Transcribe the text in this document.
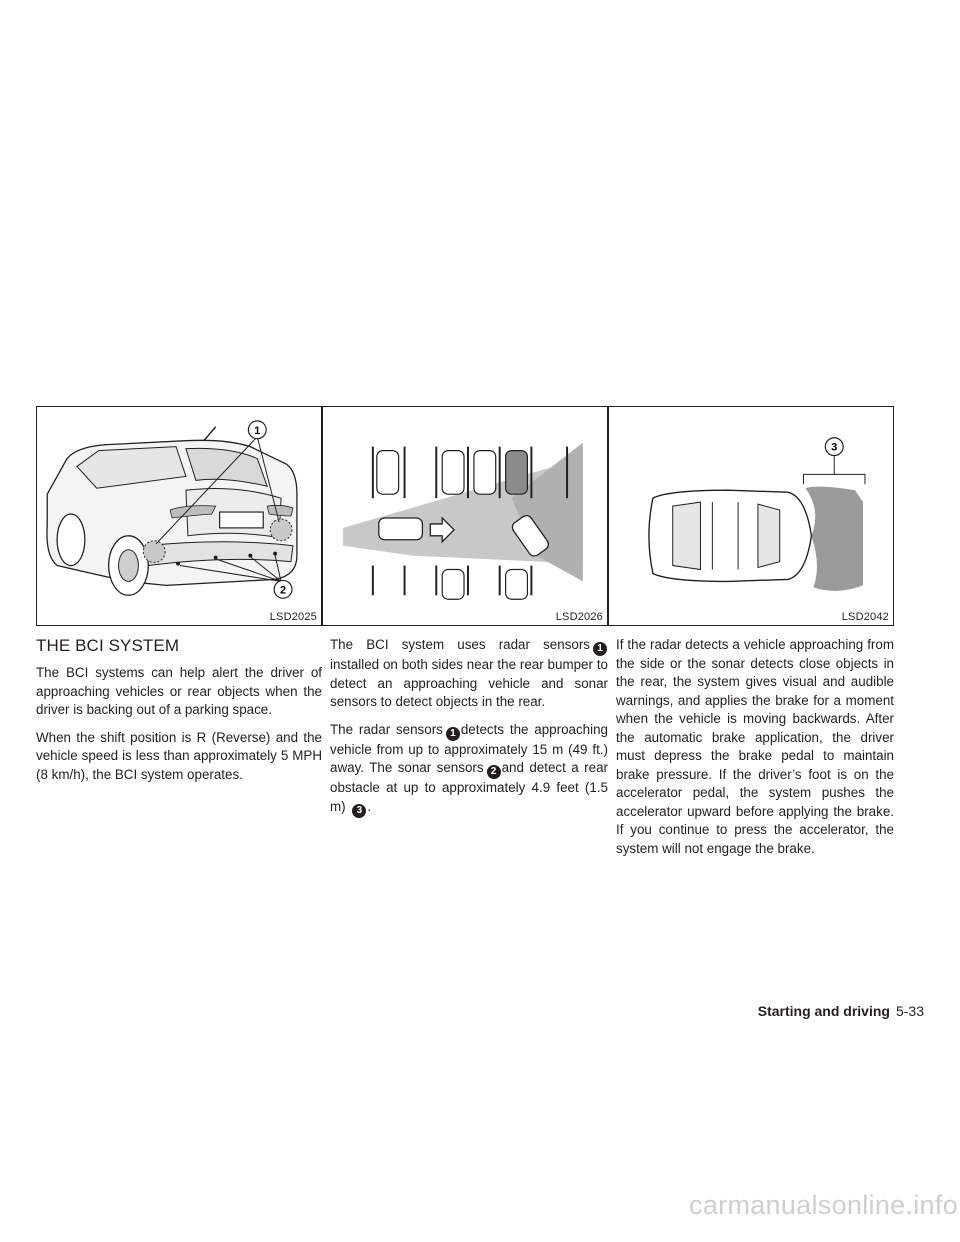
1
2
LSD2025	LSD2026
3
LSD2042
THE BCI SYSTEM

The BCI systems can help alert the driver of approaching vehicles or rear objects when the driver is backing out of a parking space.

When the shift position is R (Reverse) and the vehicle speed is less than approximately 5 MPH (8 km/h), the BCI system operates.

The BCI system uses radar sensors 1installed on both sides near the rear bumper to detect an approaching vehicle and sonar sensors to detect objects in the rear.

The radar sensors 1 detects the approaching vehicle from up to approximately 15 m (49 ft.) away. The sonar sensors 2 and detect a rear obstacle at up to approximately 4.9 feet (1.5 m) 3 .

If the radar detects a vehicle approaching from the side or the sonar detects close objects in the rear, the system gives visual and audible warnings, and applies the brake for a moment when the vehicle is moving backwards. After the automatic brake application, the driver must depress the brake pedal to maintain brake pressure. If the driver’s foot is on the accelerator pedal, the system pushes the accelerator upward before applying the brake. If you continue to press the accelerator, the system will not engage the brake.

Starting and driving 5-33
carmanualsonline.info
